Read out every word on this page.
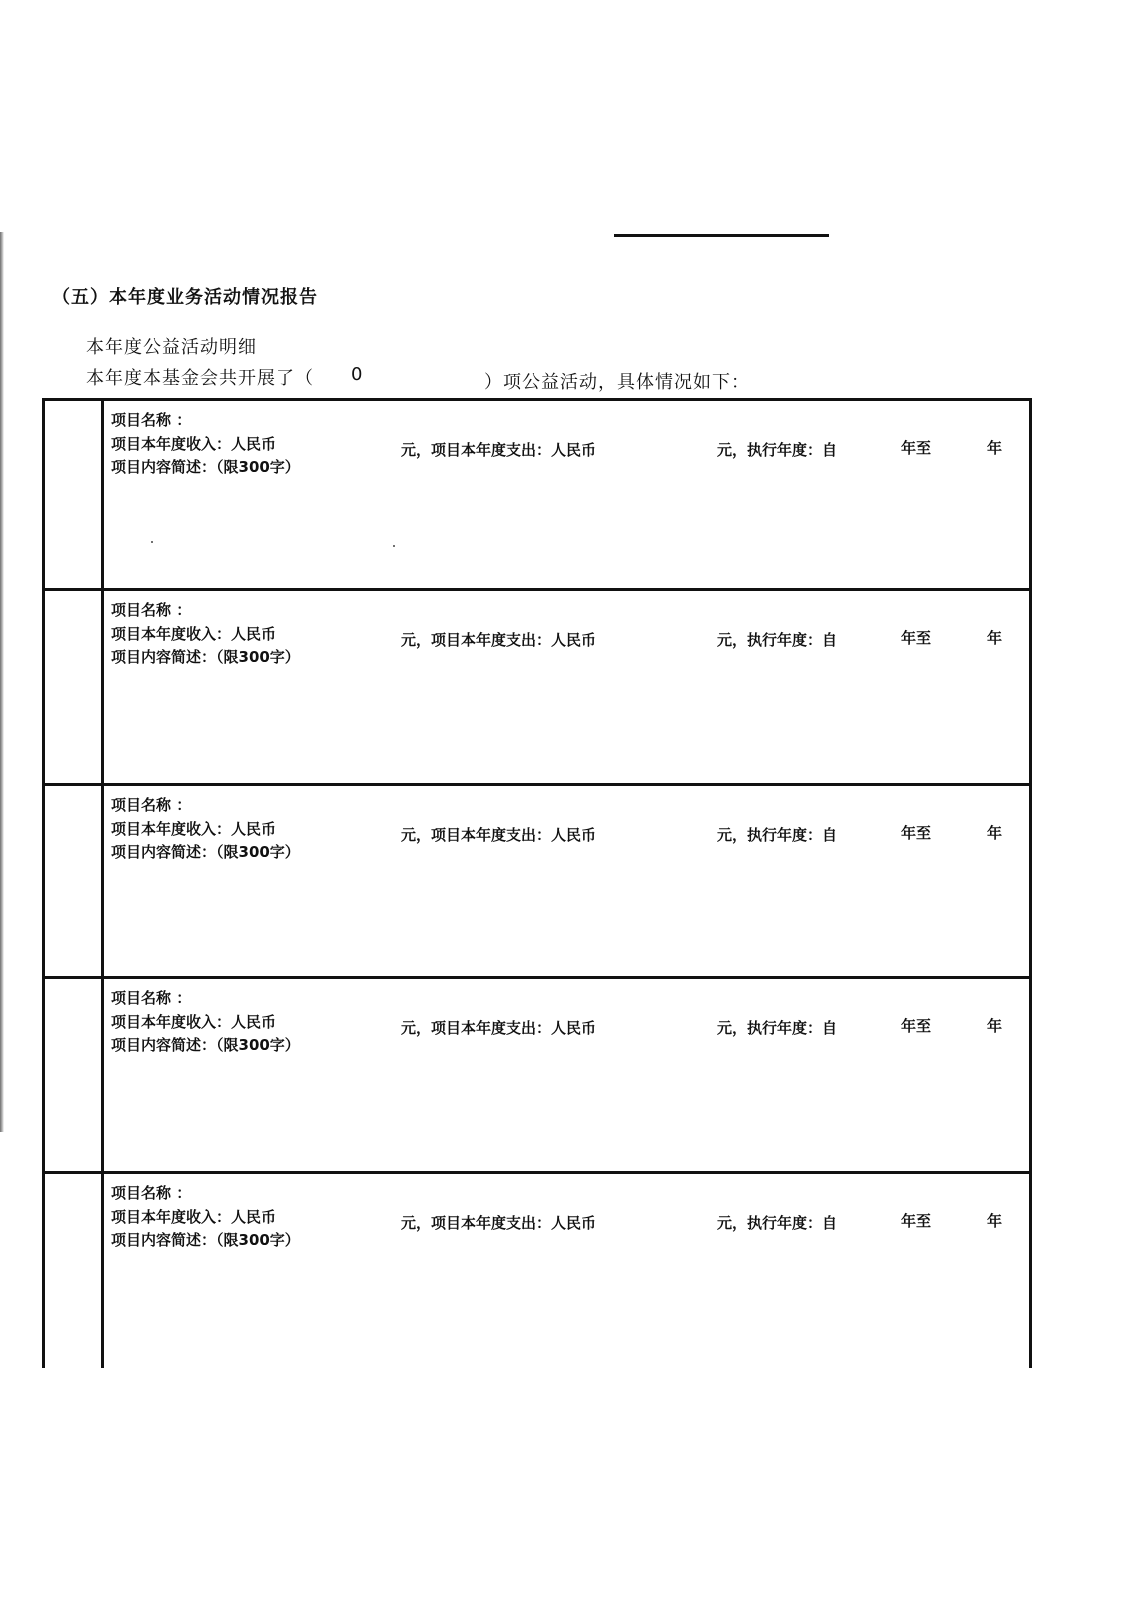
（五）本年度业务活动情况报告
本年度公益活动明细
本年度本基金会共开展了（ 0	）项公益活动，具体情况如下：
项目名称 ：
项目本年度收入：人民币	元，项目本年度支出：人民币	元，执行年度：自	年至	年
项目内容简述：（限300字）
项目名称 ：
项目本年度收入：人民币	元，项目本年度支出：人民币	元，执行年度：自	年至	年
项目内容简述：（限300字）
项目名称 ：
项目本年度收入：人民币	元，项目本年度支出：人民币	元，执行年度：自	年至	年
项目内容简述：（限300字）
项目名称 ：
项目本年度收入：人民币	元，项目本年度支出：人民币	元，执行年度：自	年至	年
项目内容简述：（限300字）
项目名称 ：
项目本年度收入：人民币	元，项目本年度支出：人民币	元，执行年度：自	年至	年
项目内容简述：（限300字）
